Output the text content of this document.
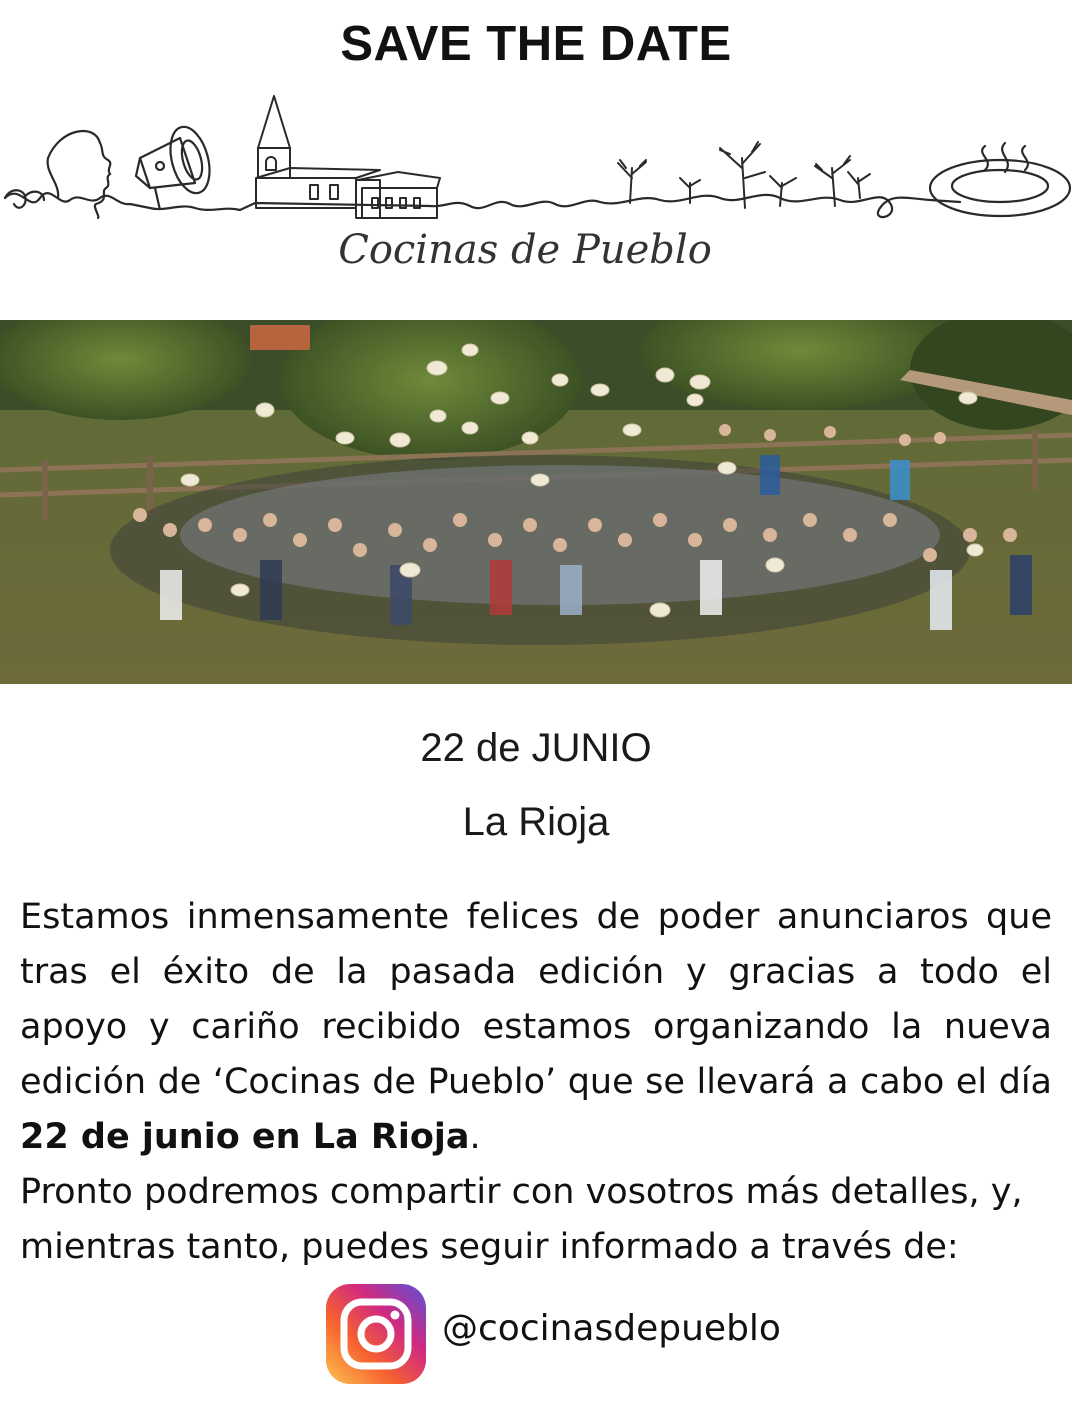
SAVE THE DATE
Cocinas de Pueblo
22 de JUNIO
La Rioja

Estamos inmensamente felices de poder anunciaros que tras el éxito de la pasada edición y gracias a todo el apoyo y cariño recibido estamos organizando la nueva edición de ‘Cocinas de Pueblo’ que se llevará a cabo el día 22 de junio en La Rioja.

Pronto podremos compartir con vosotros más detalles, y, mientras tanto, puedes seguir informado a través de:

@cocinasdepueblo
